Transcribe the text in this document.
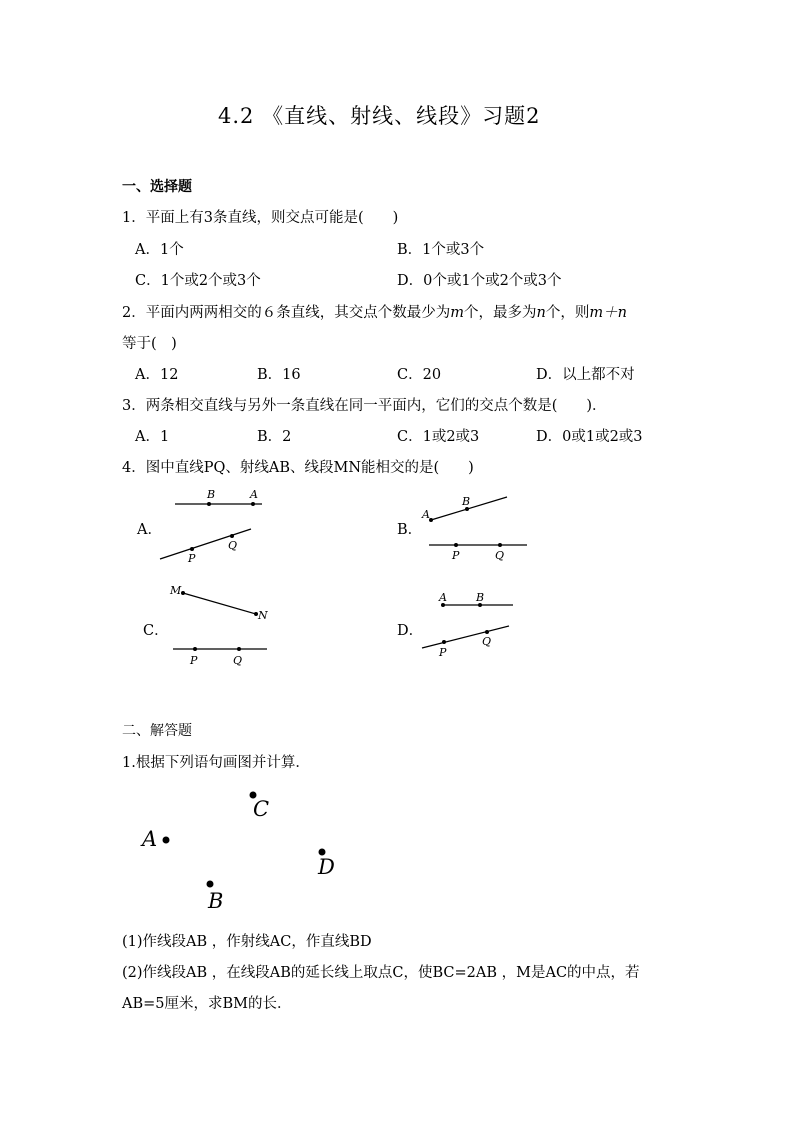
4.2 《直线、射线、线段》习题2
一、选择题
1．平面上有3条直线，则交点可能是(　　)
A．1个	B．1个或3个
C．1个或2个或3个	D．0个或1个或2个或3个
2．平面内两两相交的６条直线，其交点个数最少为m个，最多为n个，则m＋n
等于(　)
A．12	B．16	C．20	D．以上都不对
3．两条相交直线与另外一条直线在同一平面内，它们的交点个数是(　　)．
A．1	B．2	C．1或2或3	D．0或1或2或3
4．图中直线PQ、射线AB、线段MN能相交的是(　　)
A．	B．
C．	D．
B	A
P
Q
A
B
P	Q
M
N
P	Q
A	B
P
Q
二、解答题
1.根据下列语句画图并计算．
C
A
D
B
(1)作线段AB ，作射线AC，作直线BD
(2)作线段AB ，在线段AB的延长线上取点C，使BC=2AB ，M是AC的中点，若
AB=5厘米，求BM的长．
